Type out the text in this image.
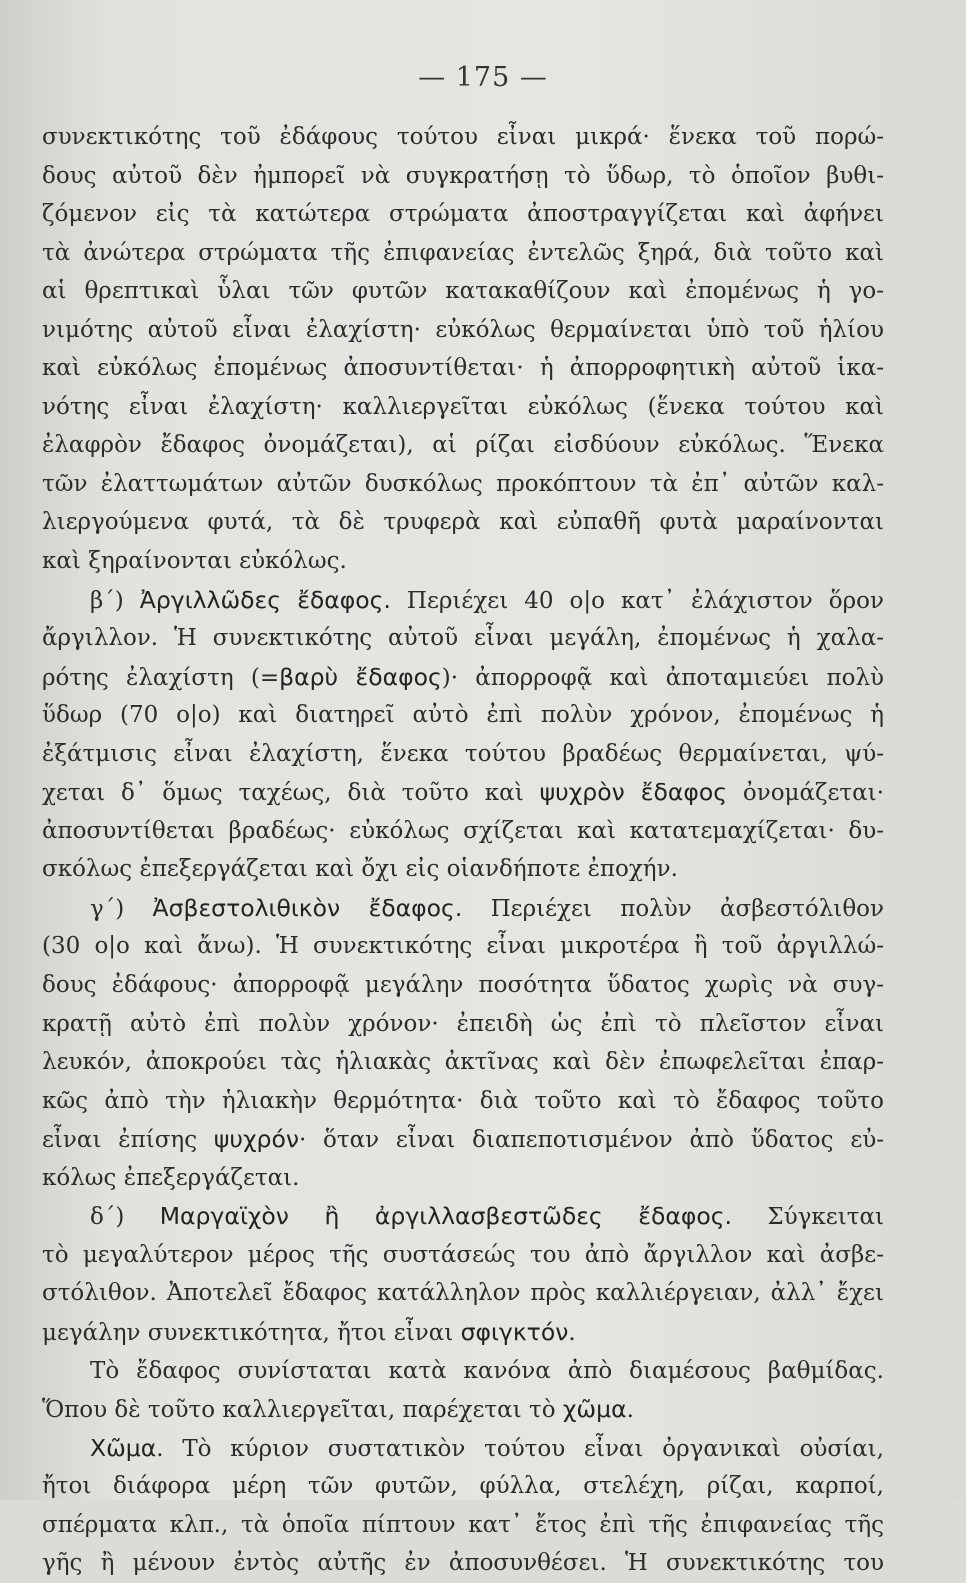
— 175 —
συνεκτικότης τοῦ ἐδάφους τούτου εἶναι μικρά· ἕνεκα τοῦ πορώ-
δους αὐτοῦ δὲν ἠμπορεῖ νὰ συγκρατήσῃ τὸ ὕδωρ, τὸ ὁποῖον βυθι-
ζόμενον εἰς τὰ κατώτερα στρώματα ἀποστραγγίζεται καὶ ἀφήνει
τὰ ἀνώτερα στρώματα τῆς ἐπιφανείας ἐντελῶς ξηρά, διὰ τοῦτο καὶ
αἱ θρεπτικαὶ ὗλαι τῶν φυτῶν κατακαθίζουν καὶ ἐπομένως ἡ γο-
νιμότης αὐτοῦ εἶναι ἐλαχίστη· εὐκόλως θερμαίνεται ὑπὸ τοῦ ἡλίου
καὶ εὐκόλως ἐπομένως ἀποσυντίθεται· ἡ ἀπορροφητικὴ αὐτοῦ ἱκα-
νότης εἶναι ἐλαχίστη· καλλιεργεῖται εὐκόλως (ἕνεκα τούτου καὶ
ἐλαφρὸν ἔδαφος ὀνομάζεται), αἱ ρίζαι εἰσδύουν εὐκόλως. Ἕνεκα
τῶν ἐλαττωμάτων αὐτῶν δυσκόλως προκόπτουν τὰ ἐπ᾽ αὐτῶν καλ-
λιεργούμενα φυτά, τὰ δὲ τρυφερὰ καὶ εὐπαθῆ φυτὰ μαραίνονται
καὶ ξηραίνονται εὐκόλως.
β΄) Ἀργιλλῶδες ἔδαφος. Περιέχει 40 ο|ο κατ᾽ ἐλάχιστον ὅρον
ἄργιλλον. Ἡ συνεκτικότης αὐτοῦ εἶναι μεγάλη, ἐπομένως ἡ χαλα-
ρότης ἐλαχίστη (=βαρὺ ἔδαφος)· ἀπορροφᾷ καὶ ἀποταμιεύει πολὺ
ὕδωρ (70 ο|ο) καὶ διατηρεῖ αὐτὸ ἐπὶ πολὺν χρόνον, ἐπομένως ἡ
ἐξάτμισις εἶναι ἐλαχίστη, ἕνεκα τούτου βραδέως θερμαίνεται, ψύ-
χεται δ᾽ ὅμως ταχέως, διὰ τοῦτο καὶ ψυχρὸν ἔδαφος ὀνομάζεται·
ἀποσυντίθεται βραδέως· εὐκόλως σχίζεται καὶ κατατεμαχίζεται· δυ-
σκόλως ἐπεξεργάζεται καὶ ὄχι εἰς οἱανδήποτε ἐποχήν.
γ΄) Ἀσβεστολιθικὸν ἔδαφος. Περιέχει πολὺν ἀσβεστόλιθον
(30 ο|ο καὶ ἄνω). Ἡ συνεκτικότης εἶναι μικροτέρα ἢ τοῦ ἀργιλλώ-
δους ἐδάφους· ἀπορροφᾷ μεγάλην ποσότητα ὕδατος χωρὶς νὰ συγ-
κρατῇ αὐτὸ ἐπὶ πολὺν χρόνον· ἐπειδὴ ὡς ἐπὶ τὸ πλεῖστον εἶναι
λευκόν, ἀποκρούει τὰς ἡλιακὰς ἀκτῖνας καὶ δὲν ἐπωφελεῖται ἐπαρ-
κῶς ἀπὸ τὴν ἡλιακὴν θερμότητα· διὰ τοῦτο καὶ τὸ ἔδαφος τοῦτο
εἶναι ἐπίσης ψυχρόν· ὅταν εἶναι διαπεποτισμένον ἀπὸ ὕδατος εὐ-
κόλως ἐπεξεργάζεται.
δ΄) Μαργαϊχὸν ἢ ἀργιλλασβεστῶδες ἔδαφος. Σύγκειται
τὸ μεγαλύτερον μέρος τῆς συστάσεώς του ἀπὸ ἄργιλλον καὶ ἀσβε-
στόλιθον. Ἀποτελεῖ ἔδαφος κατάλληλον πρὸς καλλιέργειαν, ἀλλ᾽ ἔχει
μεγάλην συνεκτικότητα, ἤτοι εἶναι σφιγκτόν.
Τὸ ἔδαφος συνίσταται κατὰ κανόνα ἀπὸ διαμέσους βαθμίδας.
Ὅπου δὲ τοῦτο καλλιεργεῖται, παρέχεται τὸ χῶμα.
Χῶμα. Τὸ κύριον συστατικὸν τούτου εἶναι ὀργανικαὶ οὐσίαι,
ἤτοι διάφορα μέρη τῶν φυτῶν, φύλλα, στελέχη, ρίζαι, καρποί,
σπέρματα κλπ., τὰ ὁποῖα πίπτουν κατ᾽ ἔτος ἐπὶ τῆς ἐπιφανείας τῆς
γῆς ἢ μένουν ἐντὸς αὐτῆς ἐν ἀποσυνθέσει. Ἡ συνεκτικότης του
